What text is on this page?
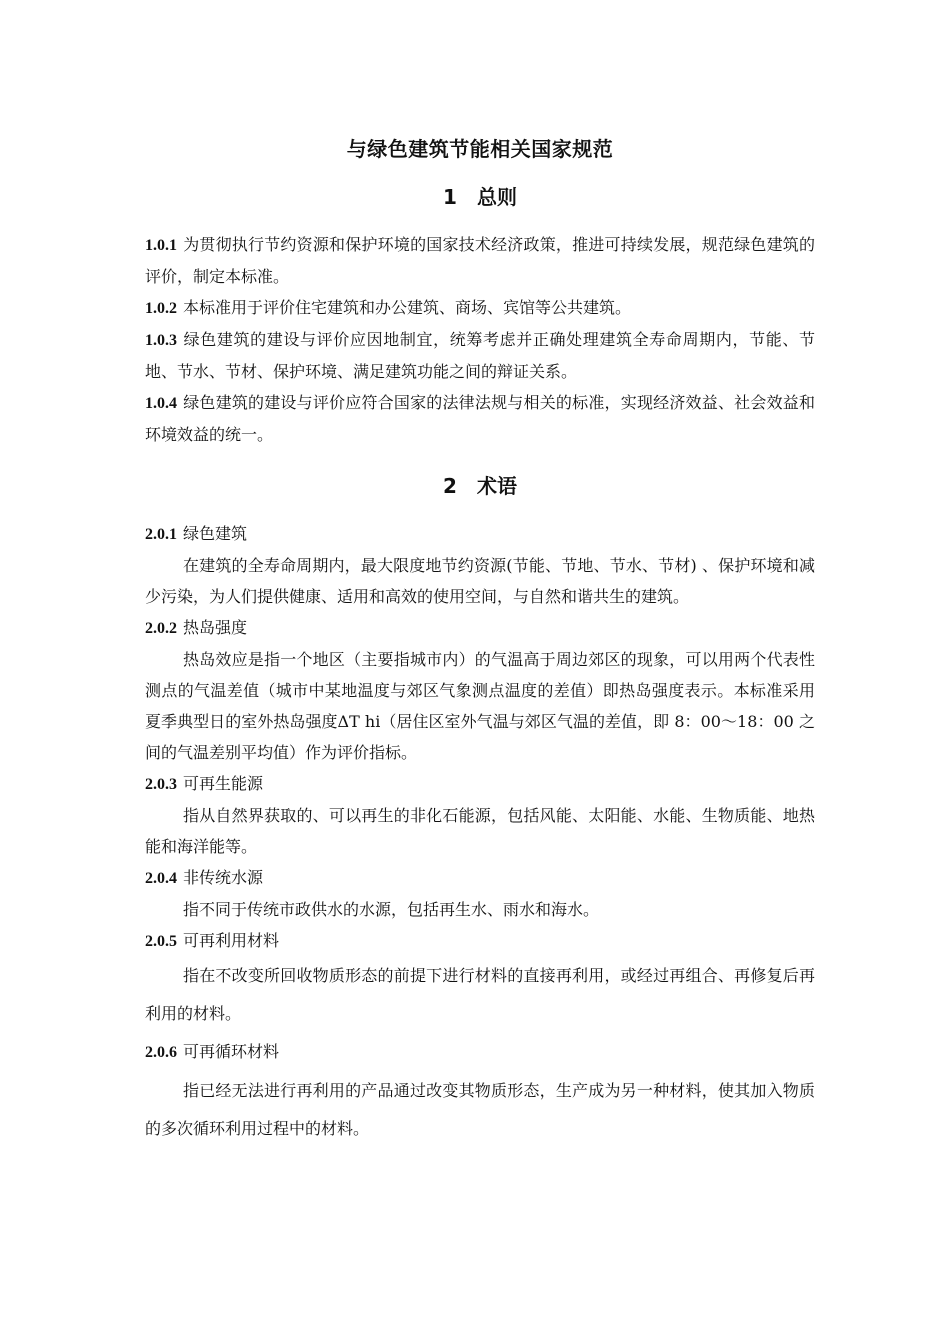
与绿色建筑节能相关国家规范
1　总则

1.0.1 为贯彻执行节约资源和保护环境的国家技术经济政策，推进可持续发展，规范绿色建筑的评价，制定本标准。

1.0.2 本标准用于评价住宅建筑和办公建筑、商场、宾馆等公共建筑。

1.0.3 绿色建筑的建设与评价应因地制宜，统筹考虑并正确处理建筑全寿命周期内，节能、节地、节水、节材、保护环境、满足建筑功能之间的辩证关系。

1.0.4 绿色建筑的建设与评价应符合国家的法律法规与相关的标准，实现经济效益、社会效益和环境效益的统一。

2　术语

2.0.1 绿色建筑

在建筑的全寿命周期内，最大限度地节约资源(节能、节地、节水、节材) 、保护环境和减少污染，为人们提供健康、适用和高效的使用空间，与自然和谐共生的建筑。

2.0.2 热岛强度

热岛效应是指一个地区（主要指城市内）的气温高于周边郊区的现象，可以用两个代表性测点的气温差值（城市中某地温度与郊区气象测点温度的差值）即热岛强度表示。本标准采用夏季典型日的室外热岛强度ΔT hi（居住区室外气温与郊区气温的差值，即 8：00～18：00 之间的气温差别平均值）作为评价指标。

2.0.3 可再生能源

指从自然界获取的、可以再生的非化石能源，包括风能、太阳能、水能、生物质能、地热能和海洋能等。

2.0.4 非传统水源

指不同于传统市政供水的水源，包括再生水、雨水和海水。

2.0.5 可再利用材料

指在不改变所回收物质形态的前提下进行材料的直接再利用，或经过再组合、再修复后再利用的材料。

2.0.6 可再循环材料

指已经无法进行再利用的产品通过改变其物质形态，生产成为另一种材料，使其加入物质的多次循环利用过程中的材料。
